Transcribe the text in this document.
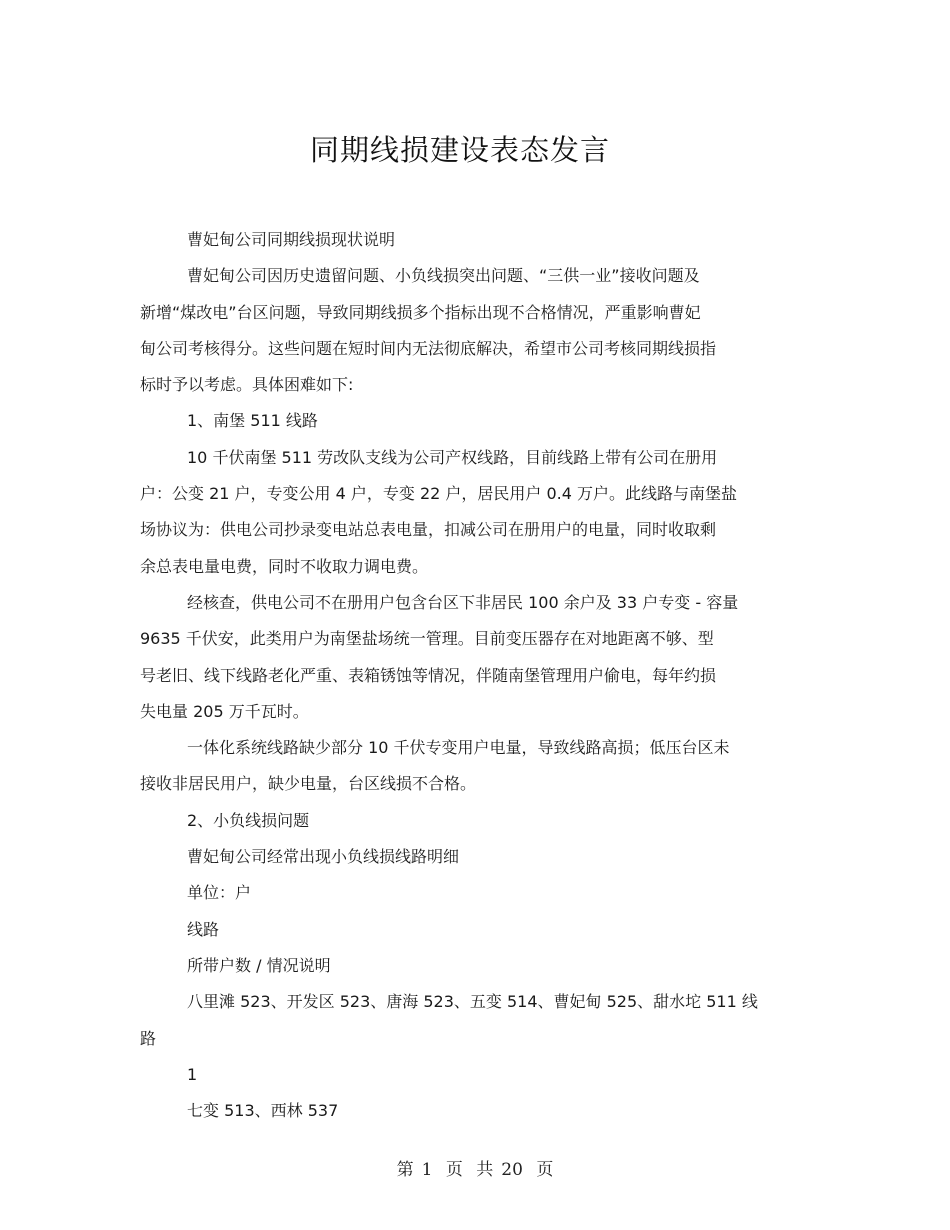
同期线损建设表态发言
曹妃甸公司同期线损现状说明
曹妃甸公司因历史遗留问题、小负线损突出问题、“三供一业”接收问题及
新增“煤改电”台区问题，导致同期线损多个指标出现不合格情况，严重影响曹妃
甸公司考核得分。这些问题在短时间内无法彻底解决，希望市公司考核同期线损指
标时予以考虑。具体困难如下:
1、南堡 511 线路
10 千伏南堡 511 劳改队支线为公司产权线路，目前线路上带有公司在册用
户：公变 21 户，专变公用 4 户，专变 22 户，居民用户 0.4 万户。此线路与南堡盐
场协议为：供电公司抄录变电站总表电量，扣减公司在册用户的电量，同时收取剩
余总表电量电费，同时不收取力调电费。
经核查，供电公司不在册用户包含台区下非居民 100 余户及 33 户专变 - 容量
9635 千伏安，此类用户为南堡盐场统一管理。目前变压器存在对地距离不够、型
号老旧、线下线路老化严重、表箱锈蚀等情况，伴随南堡管理用户偷电，每年约损
失电量 205 万千瓦时。
一体化系统线路缺少部分 10 千伏专变用户电量，导致线路高损；低压台区未
接收非居民用户，缺少电量，台区线损不合格。
2、小负线损问题
曹妃甸公司经常出现小负线损线路明细
单位：户
线路
所带户数 / 情况说明
八里滩 523、开发区 523、唐海 523、五变 514、曹妃甸 525、甜水坨 511 线
路
1
七变 513、西林 537
第 1 页 共 20 页
